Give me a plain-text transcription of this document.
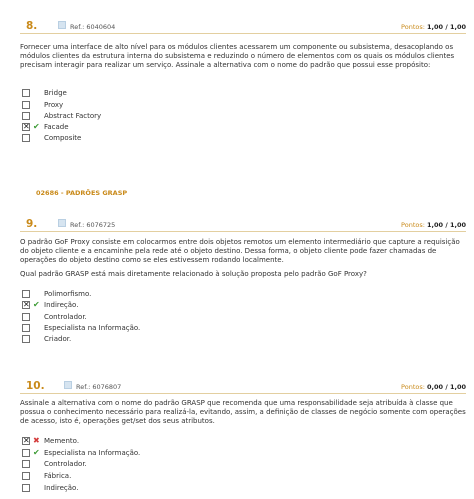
8.	Ref.: 6040604	Pontos: 1,00 / 1,00
Fornecer uma interface de alto nível para os módulos clientes acessarem um componente ou subsistema, desacoplando os módulos clientes da estrutura interna do subsistema e reduzindo o número de elementos com os quais os módulos clientes precisam interagir para realizar um serviço. Assinale a alternativa com o nome do padrão que possui esse propósito:
Bridge
Proxy
Abstract Factory
✕
✔ Facade
Composite
02686 - PADRÕES GRASP
9.	Ref.: 6076725	Pontos: 1,00 / 1,00
O padrão GoF Proxy consiste em colocarmos entre dois objetos remotos um elemento intermediário que capture a requisição do objeto cliente e a encaminhe pela rede até o objeto destino. Dessa forma, o objeto cliente pode fazer chamadas de operações do objeto destino como se eles estivessem rodando localmente.
Qual padrão GRASP está mais diretamente relacionado à solução proposta pelo padrão GoF Proxy?
Polimorfismo.
✕
✔ Indireção.
Controlador.
Especialista na Informação.
Criador.
10.	Ref.: 6076807	Pontos: 0,00 / 1,00
Assinale a alternativa com o nome do padrão GRASP que recomenda que uma responsabilidade seja atribuída à classe que possua o conhecimento necessário para realizá-la, evitando, assim, a definição de classes de negócio somente com operações de acesso, isto é, operações get/set dos seus atributos.
✕
✖ Memento.
✔ Especialista na Informação.
Controlador.
Fábrica.
Indireção.
